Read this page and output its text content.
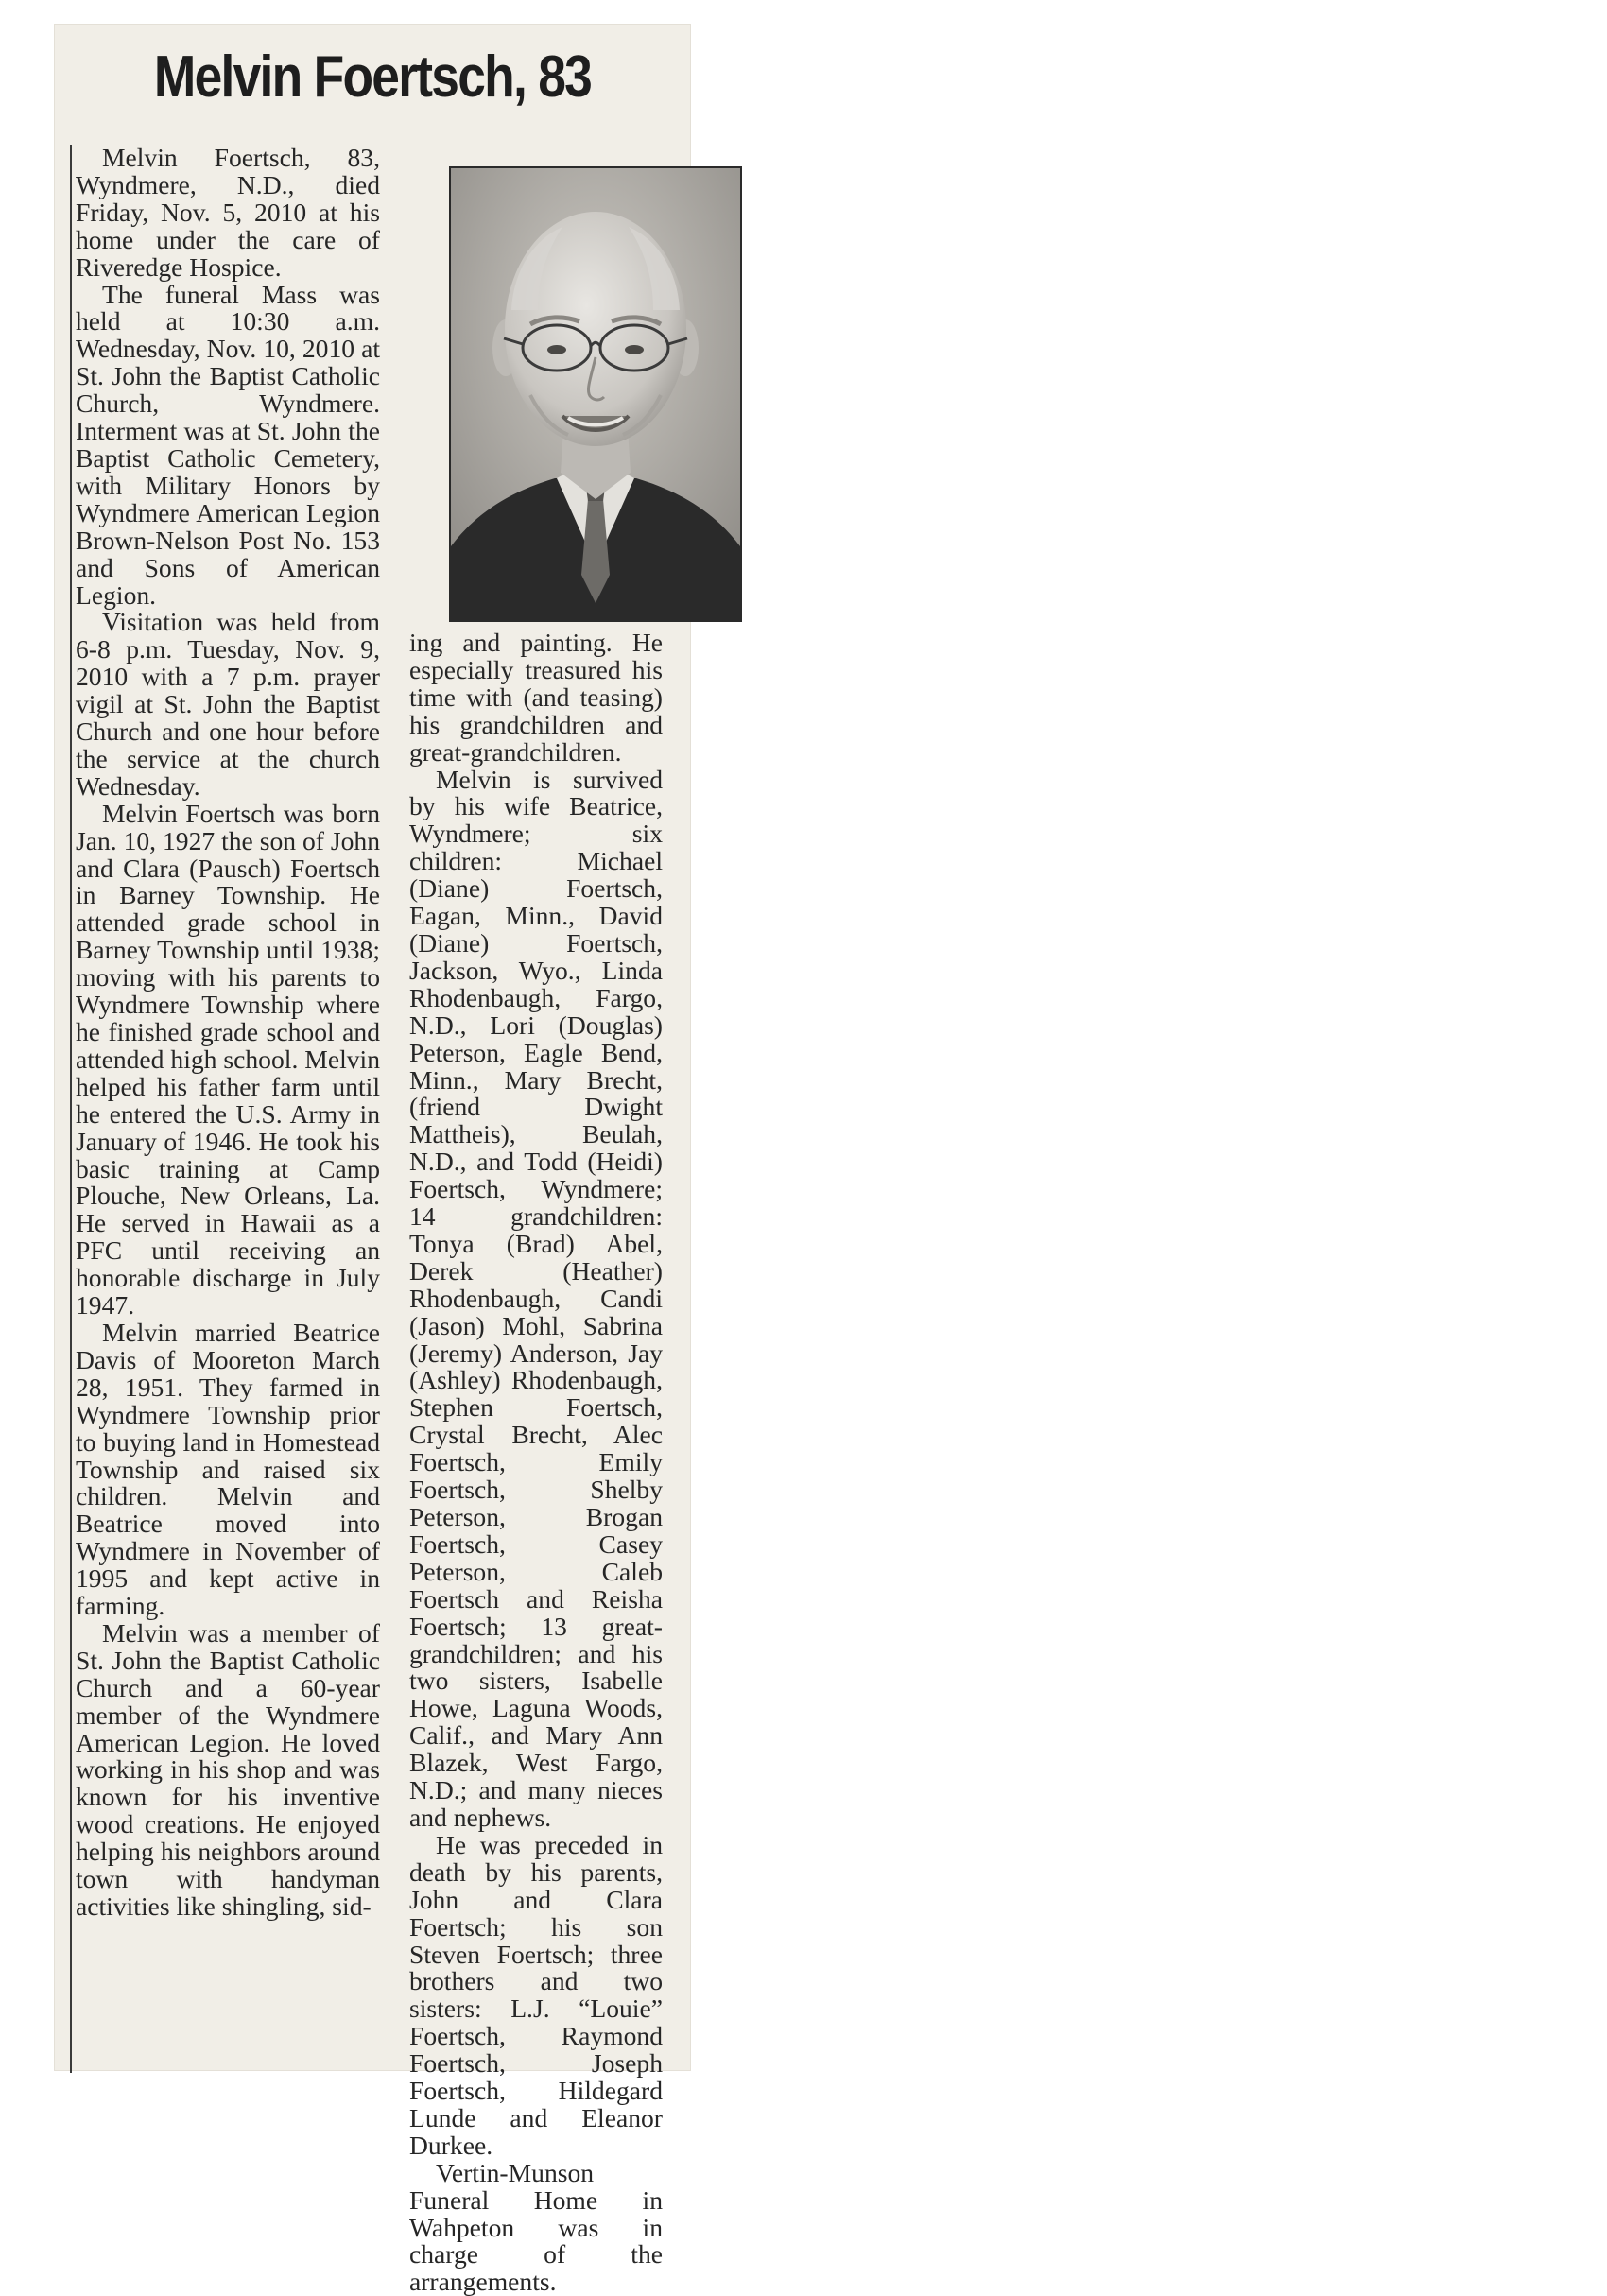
Melvin Foertsch, 83

Melvin Foertsch, 83, Wyndmere, N.D., died Friday, Nov. 5, 2010 at his home under the care of Riveredge Hospice.

The funeral Mass was held at 10:30 a.m. Wednesday, Nov. 10, 2010 at St. John the Baptist Catholic Church, Wyndmere. Interment was at St. John the Baptist Catholic Cemetery, with Military Honors by Wyndmere American Legion Brown-Nelson Post No. 153 and Sons of American Legion.

Visitation was held from 6-8 p.m. Tuesday, Nov. 9, 2010 with a 7 p.m. prayer vigil at St. John the Baptist Church and one hour before the service at the church Wednesday.

Melvin Foertsch was born Jan. 10, 1927 the son of John and Clara (Pausch) Foertsch in Barney Township. He attended grade school in Barney Township until 1938; moving with his parents to Wyndmere Township where he finished grade school and attended high school. Melvin helped his father farm until he entered the U.S. Army in January of 1946. He took his basic training at Camp Plouche, New Orleans, La. He served in Hawaii as a PFC until receiving an honorable discharge in July 1947.

Melvin married Beatrice Davis of Mooreton March 28, 1951. They farmed in Wyndmere Township prior to buying land in Homestead Township and raised six children. Melvin and Beatrice moved into Wyndmere in November of 1995 and kept active in farming.

Melvin was a member of St. John the Baptist Catholic Church and a 60-year member of the Wyndmere American Legion. He loved working in his shop and was known for his inventive wood creations. He enjoyed helping his neighbors around town with handyman activities like shingling, sid-

ing and painting. He especially treasured his time with (and teasing) his grandchildren and great-grandchildren.

Melvin is survived by his wife Beatrice, Wyndmere; six children: Michael (Diane) Foertsch, Eagan, Minn., David (Diane) Foertsch, Jackson, Wyo., Linda Rhodenbaugh, Fargo, N.D., Lori (Douglas) Peterson, Eagle Bend, Minn., Mary Brecht, (friend Dwight Mattheis), Beulah, N.D., and Todd (Heidi) Foertsch, Wyndmere; 14 grandchildren: Tonya (Brad) Abel, Derek (Heather) Rhodenbaugh, Candi (Jason) Mohl, Sabrina (Jeremy) Anderson, Jay (Ashley) Rhodenbaugh, Stephen Foertsch, Crystal Brecht, Alec Foertsch, Emily Foertsch, Shelby Peterson, Brogan Foertsch, Casey Peterson, Caleb Foertsch and Reisha Foertsch; 13 great-grandchildren; and his two sisters, Isabelle Howe, Laguna Woods, Calif., and Mary Ann Blazek, West Fargo, N.D.; and many nieces and nephews.

He was preceded in death by his parents, John and Clara Foertsch; his son Steven Foertsch; three brothers and two sisters: L.J. “Louie” Foertsch, Raymond Foertsch, Joseph Foertsch, Hildegard Lunde and Eleanor Durkee.

Vertin-Munson Funeral Home in Wahpeton was in charge of the arrangements.
